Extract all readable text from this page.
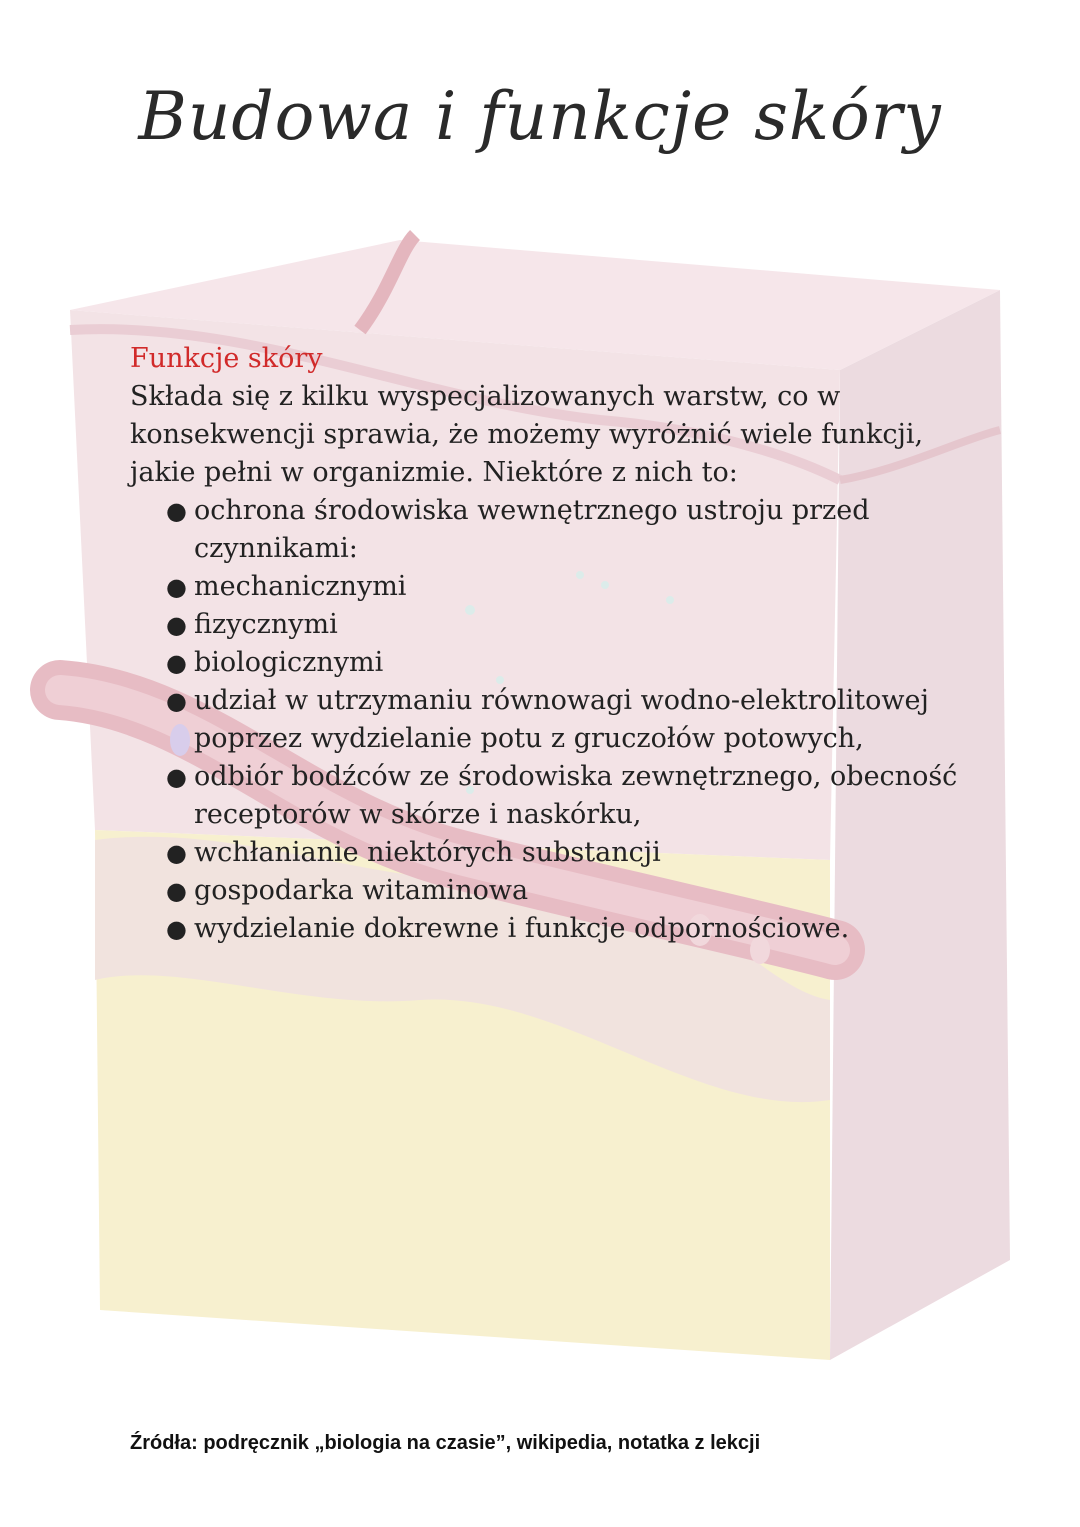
Budowa i funkcje skóry

Funkcje skóry

Składa się z kilku wyspecjalizowanych warstw, co w konsekwencji sprawia, że możemy wyróżnić wiele funkcji, jakie pełni w organizmie. Niektóre z nich to:

● ochrona środowiska wewnętrznego ustroju przed czynnikami:
● mechanicznymi
● fizycznymi
● biologicznymi
● udział w utrzymaniu równowagi wodno-elektrolitowej poprzez wydzielanie potu z gruczołów potowych,
● odbiór bodźców ze środowiska zewnętrznego, obecność receptorów w skórze i naskórku,
● wchłanianie niektórych substancji
● gospodarka witaminowa
● wydzielanie dokrewne i funkcje odpornościowe.

Źródła: podręcznik „biologia na czasie”, wikipedia, notatka z lekcji
